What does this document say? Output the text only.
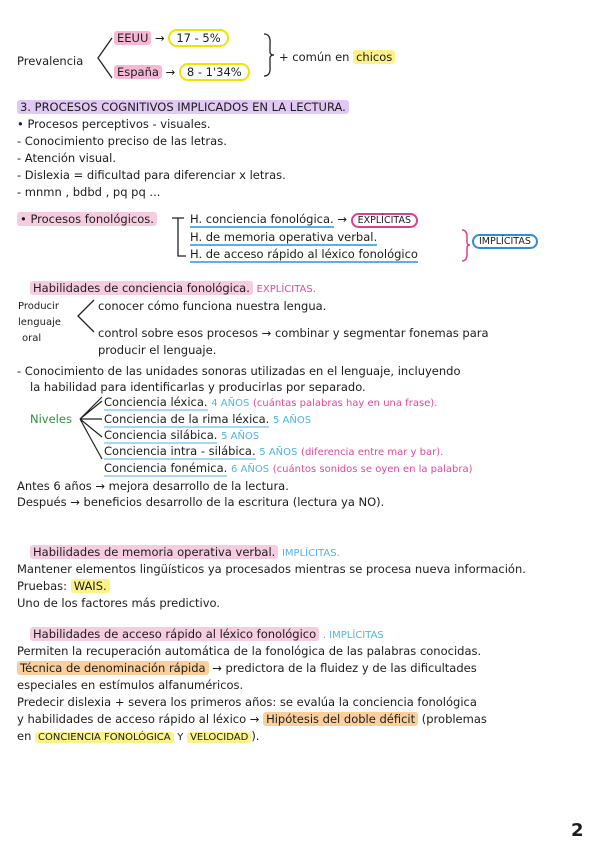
Prevalencia
EEUU → 17 - 5%
España → 8 - 1'34%
+ común en chicos
3. PROCESOS COGNITIVOS IMPLICADOS EN LA LECTURA.
• Procesos perceptivos - visuales.
- Conocimiento preciso de las letras.
- Atención visual.
- Dislexia = dificultad para diferenciar x letras.
- mnmn , bdbd , pq pq ...
• Procesos fonológicos.	H. conciencia fonológica. → EXPLÍCITAS
H. de memoria operativa verbal.
H. de acceso rápido al léxico fonológico
IMPLÍCITAS
Habilidades de conciencia fonológica. EXPLÍCITAS.
Producir
lenguaje
oral
conocer cómo funciona nuestra lengua.
control sobre esos procesos → combinar y segmentar fonemas para
producir el lenguaje.
- Conocimiento de las unidades sonoras utilizadas en el lenguaje, incluyendo
la habilidad para identificarlas y producirlas por separado.
Niveles
Conciencia léxica. 4 AÑOS (cuántas palabras hay en una frase).
Conciencia de la rima léxica. 5 AÑOS
Conciencia silábica. 5 AÑOS
Conciencia intra - silábica. 5 AÑOS (diferencia entre mar y bar).
Conciencia fonémica. 6 AÑOS (cuántos sonidos se oyen en la palabra)
Antes 6 años → mejora desarrollo de la lectura.
Después → beneficios desarrollo de la escritura (lectura ya NO).
Habilidades de memoria operativa verbal. IMPLÍCITAS.
Mantener elementos lingüísticos ya procesados mientras se procesa nueva información.
Pruebas: WAIS.
Uno de los factores más predictivo.
Habilidades de acceso rápido al léxico fonológico . IMPLÍCITAS
Permiten la recuperación automática de la fonológica de las palabras conocidas.
Técnica de denominación rápida → predictora de la fluidez y de las dificultades
especiales en estímulos alfanuméricos.
Predecir dislexia + severa los primeros años: se evalúa la conciencia fonológica
y habilidades de acceso rápido al léxico → Hipótesis del doble déficit (problemas
en CONCIENCIA FONOLÓGICA Y VELOCIDAD ).
2
